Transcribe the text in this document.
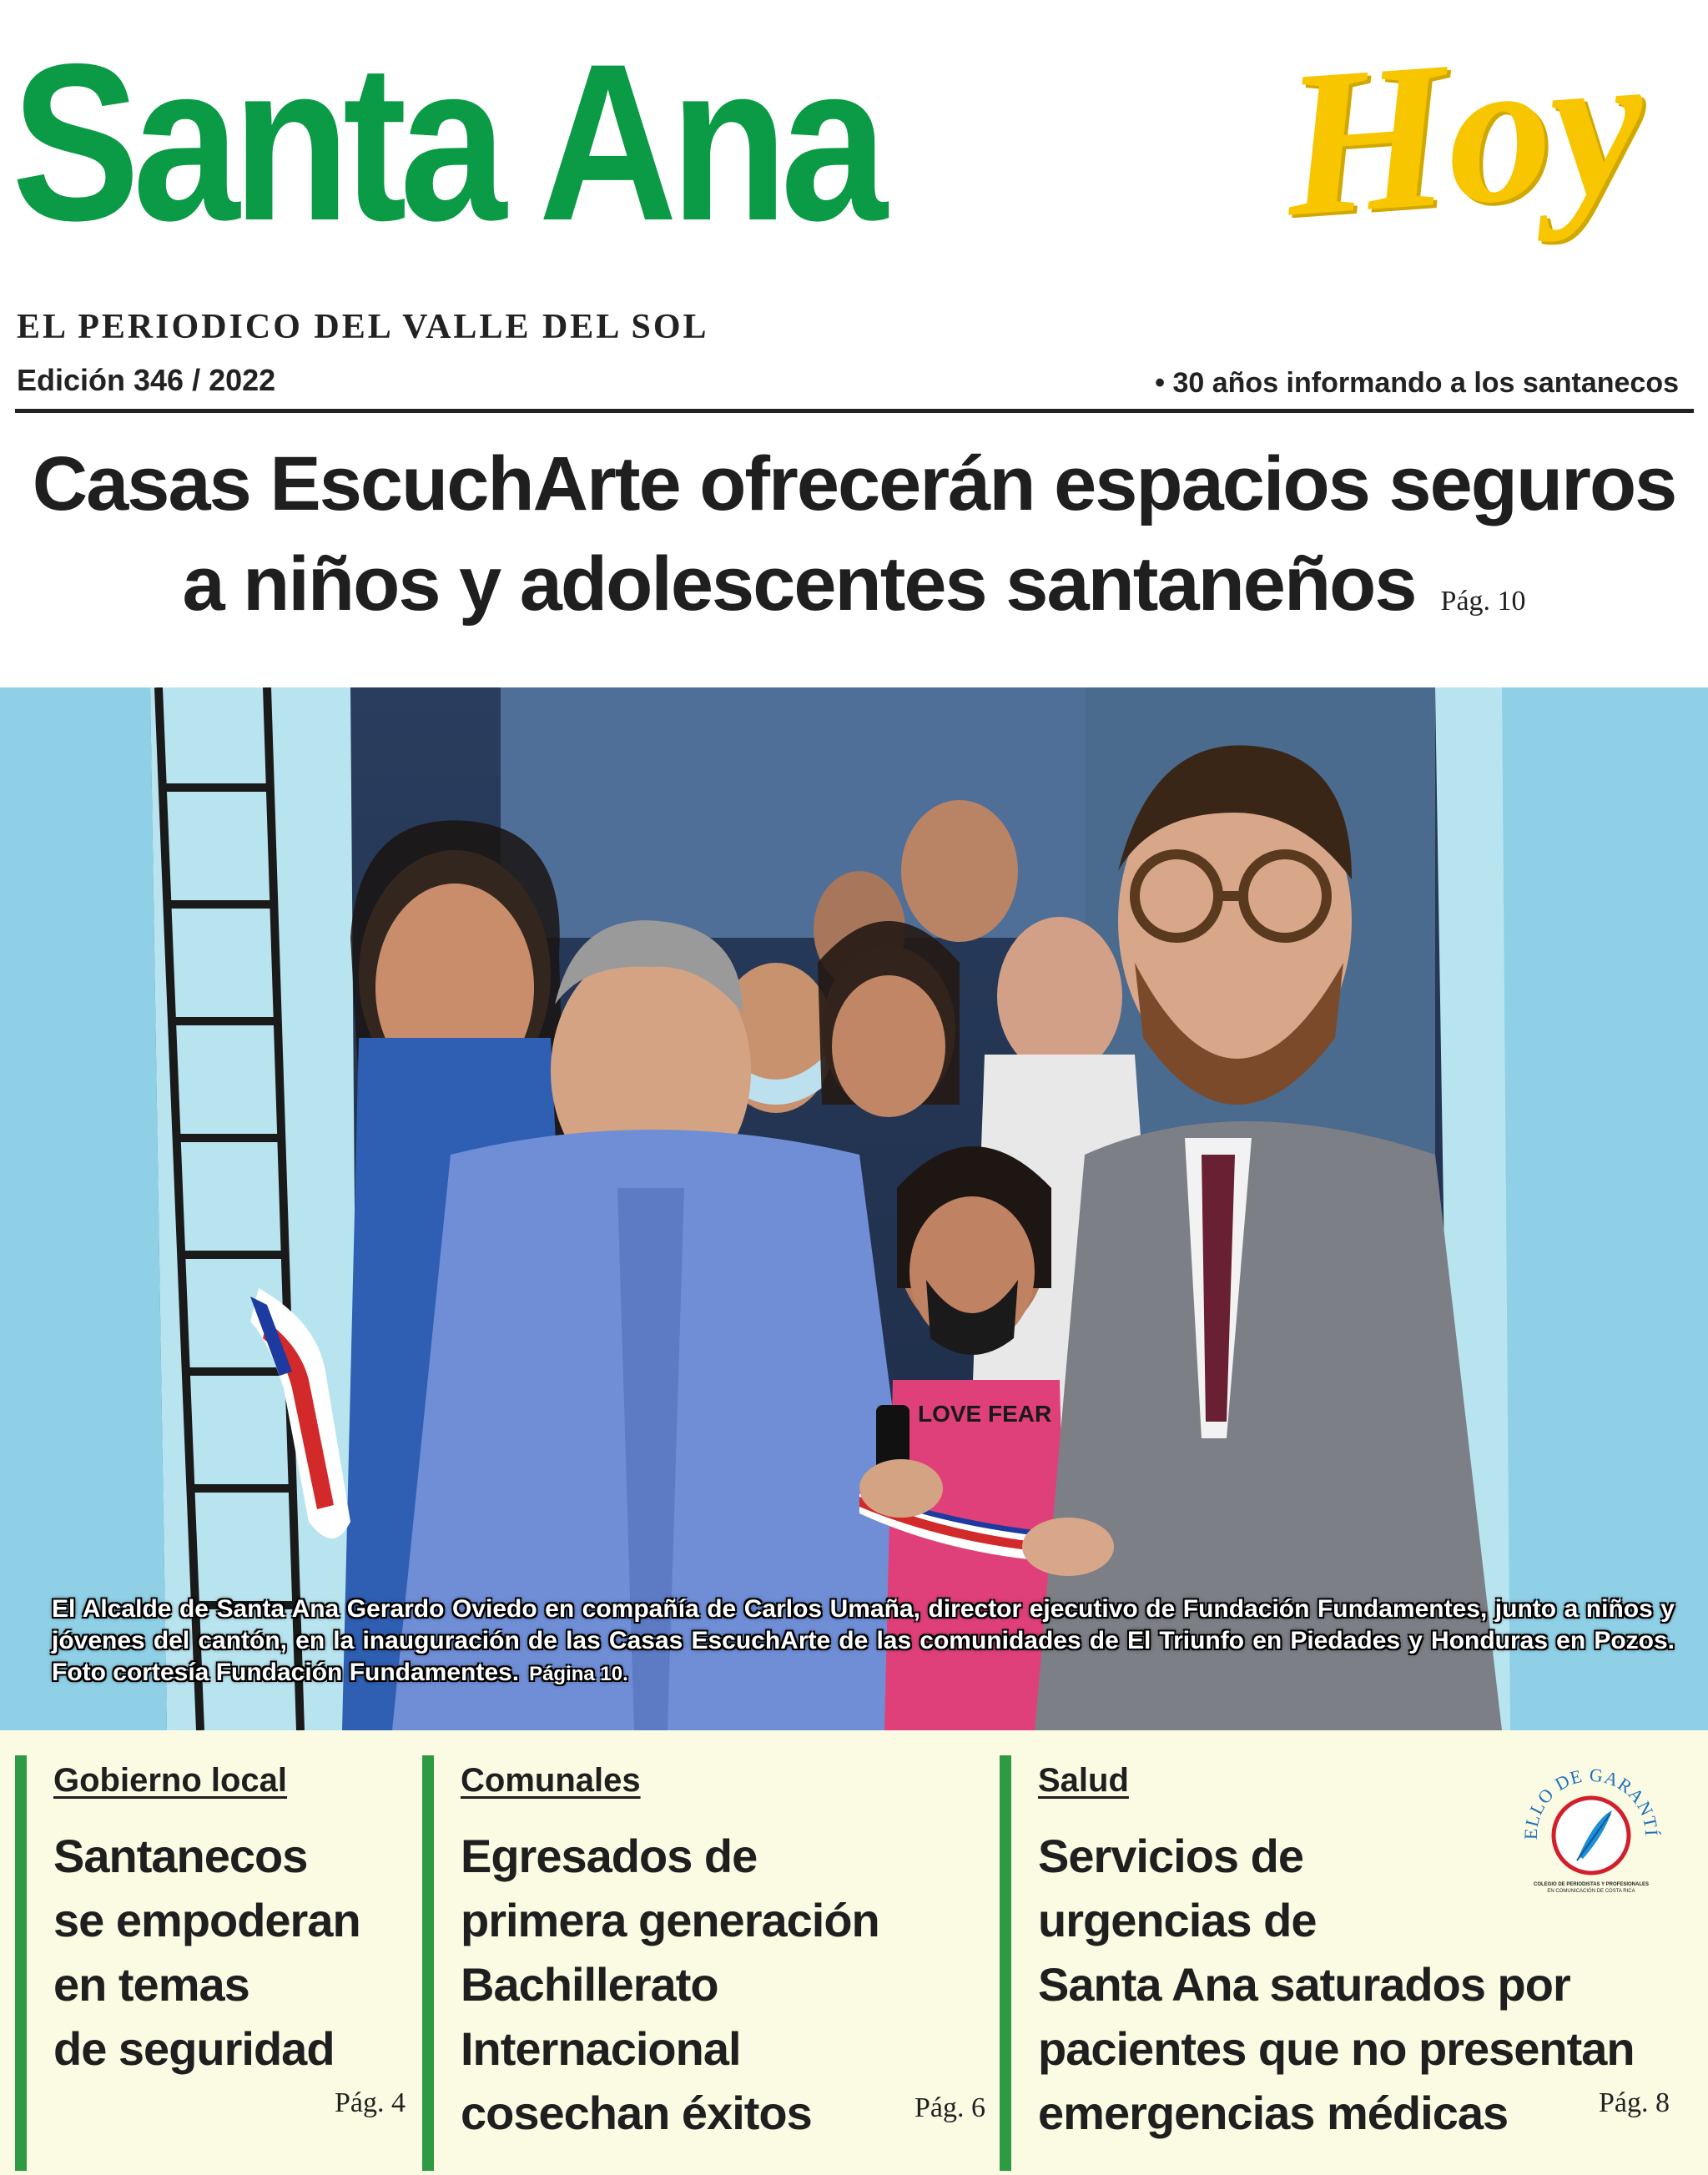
Santa Ana Hoy
EL PERIODICO DEL VALLE DEL SOL
Edición 346 / 2022	• 30 años informando a los santanecos
Casas EscuchArte ofrecerán espacios seguros
a niños y adolescentes santaneños Pág. 10
LOVE FEAR
El Alcalde de Santa Ana Gerardo Oviedo en compañía de Carlos Umaña, director ejecutivo de Fundación Fundamentes, junto a niños y jóvenes del cantón, en la inauguración de las Casas EscuchArte de las comunidades de El Triunfo en Piedades y Honduras en Pozos. Foto cortesía Fundación Fundamentes. Página 10.
Gobierno local
Santanecos
se empoderan
en temas
de seguridad
Pág. 4
Comunales
Egresados de
primera generación
Bachillerato
Internacional
cosechan éxitos	Pág. 6
Salud
Servicios de
urgencias de
Santa Ana saturados por
pacientes que no presentan
emergencias médicas	Pág. 8
ELLO DE GARANTÍ
COLEGIO DE PERIODISTAS Y PROFESIONALES
EN COMUNICACIÓN DE COSTA RICA
